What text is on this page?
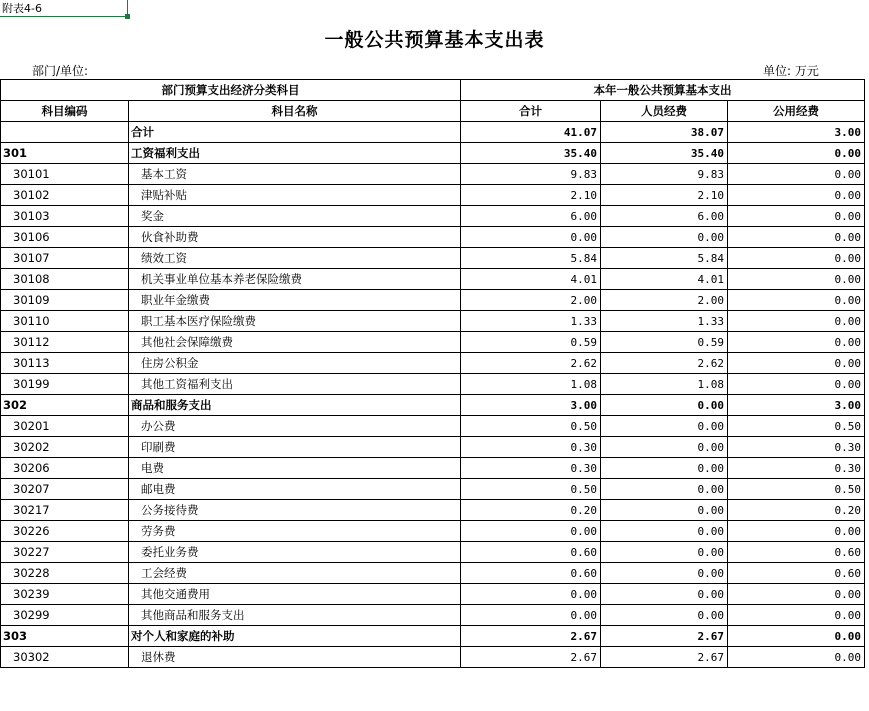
附表4-6
一般公共预算基本支出表
部门/单位:	单位: 万元
部门预算支出经济分类科目		本年一般公共预算基本支出		
科目编码	科目名称	合计	人员经费	公用经费
	合计	41.07	38.07	3.00
301	工资福利支出	35.40	35.40	0.00
30101	基本工资	9.83	9.83	0.00
30102	津贴补贴	2.10	2.10	0.00
30103	奖金	6.00	6.00	0.00
30106	伙食补助费	0.00	0.00	0.00
30107	绩效工资	5.84	5.84	0.00
30108	机关事业单位基本养老保险缴费	4.01	4.01	0.00
30109	职业年金缴费	2.00	2.00	0.00
30110	职工基本医疗保险缴费	1.33	1.33	0.00
30112	其他社会保障缴费	0.59	0.59	0.00
30113	住房公积金	2.62	2.62	0.00
30199	其他工资福利支出	1.08	1.08	0.00
302	商品和服务支出	3.00	0.00	3.00
30201	办公费	0.50	0.00	0.50
30202	印刷费	0.30	0.00	0.30
30206	电费	0.30	0.00	0.30
30207	邮电费	0.50	0.00	0.50
30217	公务接待费	0.20	0.00	0.20
30226	劳务费	0.00	0.00	0.00
30227	委托业务费	0.60	0.00	0.60
30228	工会经费	0.60	0.00	0.60
30239	其他交通费用	0.00	0.00	0.00
30299	其他商品和服务支出	0.00	0.00	0.00
303	对个人和家庭的补助	2.67	2.67	0.00
30302	退休费	2.67	2.67	0.00
